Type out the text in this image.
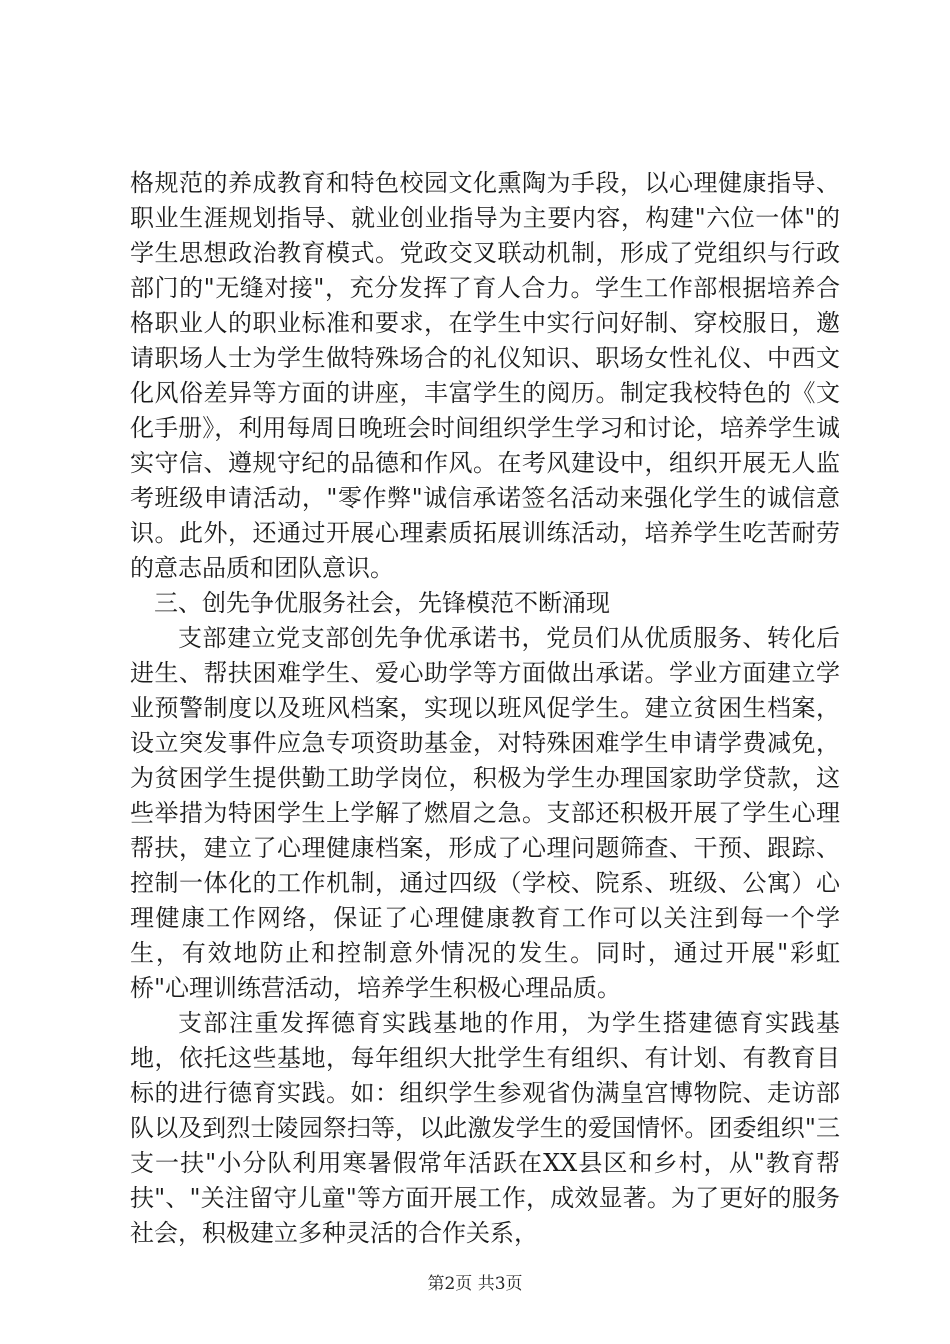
格规范的养成教育和特色校园文化熏陶为手段，以心理健康指导、职业生涯规划指导、就业创业指导为主要内容，构建"六位一体"的学生思想政治教育模式。党政交叉联动机制，形成了党组织与行政部门的"无缝对接"，充分发挥了育人合力。学生工作部根据培养合格职业人的职业标准和要求，在学生中实行问好制、穿校服日，邀请职场人士为学生做特殊场合的礼仪知识、职场女性礼仪、中西文化风俗差异等方面的讲座，丰富学生的阅历。制定我校特色的《文化手册》，利用每周日晚班会时间组织学生学习和讨论，培养学生诚实守信、遵规守纪的品德和作风。在考风建设中，组织开展无人监考班级申请活动，"零作弊"诚信承诺签名活动来强化学生的诚信意识。此外，还通过开展心理素质拓展训练活动，培养学生吃苦耐劳的意志品质和团队意识。

三、创先争优服务社会，先锋模范不断涌现

支部建立党支部创先争优承诺书，党员们从优质服务、转化后进生、帮扶困难学生、爱心助学等方面做出承诺。学业方面建立学业预警制度以及班风档案，实现以班风促学生。建立贫困生档案，设立突发事件应急专项资助基金，对特殊困难学生申请学费减免，为贫困学生提供勤工助学岗位，积极为学生办理国家助学贷款，这些举措为特困学生上学解了燃眉之急。支部还积极开展了学生心理帮扶，建立了心理健康档案，形成了心理问题筛查、干预、跟踪、控制一体化的工作机制，通过四级（学校、院系、班级、公寓）心理健康工作网络，保证了心理健康教育工作可以关注到每一个学生，有效地防止和控制意外情况的发生。同时，通过开展"彩虹桥"心理训练营活动，培养学生积极心理品质。

支部注重发挥德育实践基地的作用，为学生搭建德育实践基地，依托这些基地，每年组织大批学生有组织、有计划、有教育目标的进行德育实践。如：组织学生参观省伪满皇宫博物院、走访部队以及到烈士陵园祭扫等，以此激发学生的爱国情怀。团委组织"三支一扶"小分队利用寒暑假常年活跃在XX县区和乡村，从"教育帮扶"、"关注留守儿童"等方面开展工作，成效显著。为了更好的服务社会，积极建立多种灵活的合作关系，

第2页 共3页
